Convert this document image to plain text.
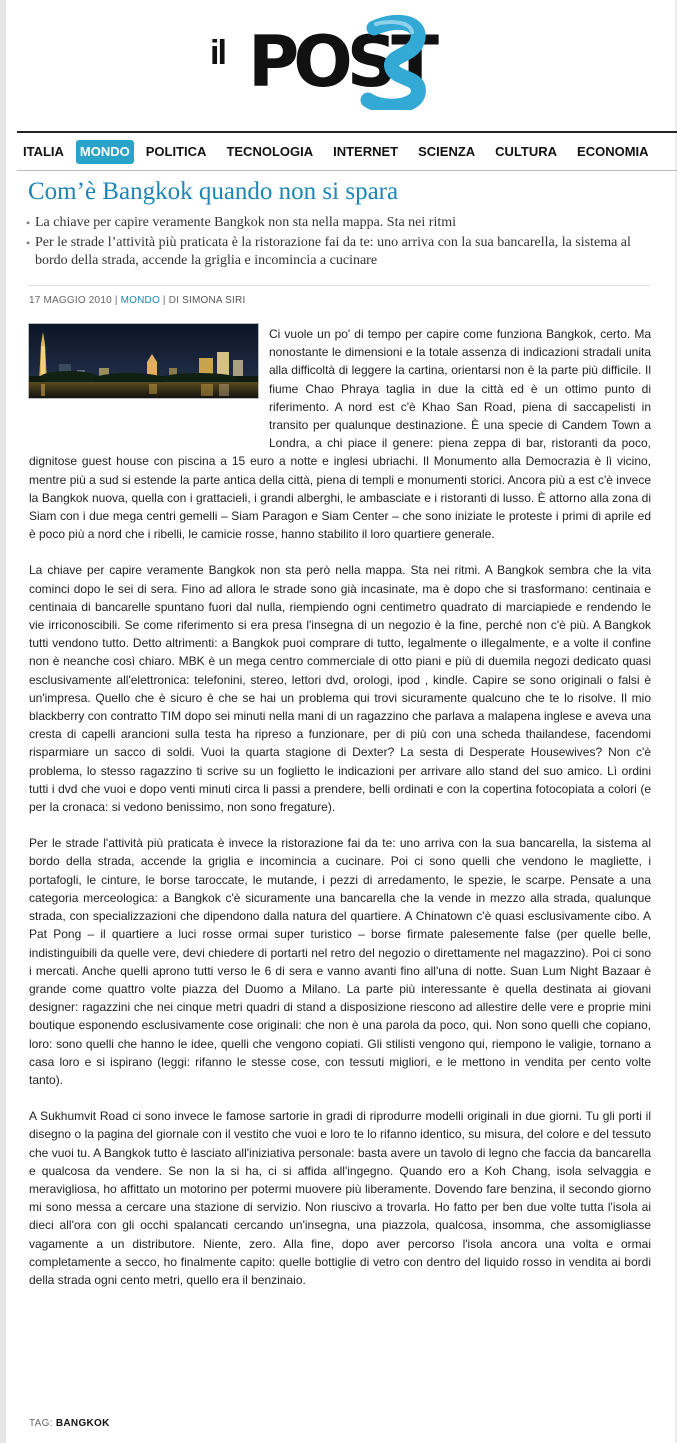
il POST
ITALIA	MONDO	POLITICA	TECNOLOGIA	INTERNET	SCIENZA	CULTURA	ECONOMIA
Com’è Bangkok quando non si spara
• La chiave per capire veramente Bangkok non sta nella mappa. Sta nei ritmi
• Per le strade l’attività più praticata è la ristorazione fai da te: uno arriva con la sua bancarella, la sistema al bordo della strada, accende la griglia e incomincia a cucinare
17 MAGGIO 2010 | MONDO | DI SIMONA SIRI

Ci vuole un po' di tempo per capire come funziona Bangkok, certo. Ma nonostante le dimensioni e la totale assenza di indicazioni stradali unita alla difficoltà di leggere la cartina, orientarsi non è la parte più difficile. Il fiume Chao Phraya taglia in due la città ed è un ottimo punto di riferimento. A nord est c'è Khao San Road, piena di saccapelisti in transito per qualunque destinazione. È una specie di Candem Town a Londra, a chi piace il genere: piena zeppa di bar, ristoranti da poco, dignitose guest house con piscina a 15 euro a notte e inglesi ubriachi. Il Monumento alla Democrazia è lì vicino, mentre più a sud si estende la parte antica della città, piena di templi e monumenti storici. Ancora più a est c'è invece la Bangkok nuova, quella con i grattacieli, i grandi alberghi, le ambasciate e i ristoranti di lusso. È attorno alla zona di Siam con i due mega centri gemelli – Siam Paragon e Siam Center – che sono iniziate le proteste i primi di aprile ed è poco più a nord che i ribelli, le camicie rosse, hanno stabilito il loro quartiere generale.

La chiave per capire veramente Bangkok non sta però nella mappa. Sta nei ritmi. A Bangkok sembra che la vita cominci dopo le sei di sera. Fino ad allora le strade sono già incasinate, ma è dopo che si trasformano: centinaia e centinaia di bancarelle spuntano fuori dal nulla, riempiendo ogni centimetro quadrato di marciapiede e rendendo le vie irriconoscibili. Se come riferimento si era presa l'insegna di un negozio è la fine, perché non c'è più. A Bangkok tutti vendono tutto. Detto altrimenti: a Bangkok puoi comprare di tutto, legalmente o illegalmente, e a volte il confine non è neanche così chiaro. MBK è un mega centro commerciale di otto piani e più di duemila negozi dedicato quasi esclusivamente all'elettronica: telefonini, stereo, lettori dvd, orologi, ipod , kindle. Capire se sono originali o falsi è un'impresa. Quello che è sicuro è che se hai un problema qui trovi sicuramente qualcuno che te lo risolve. Il mio blackberry con contratto TIM dopo sei minuti nella mani di un ragazzino che parlava a malapena inglese e aveva una cresta di capelli arancioni sulla testa ha ripreso a funzionare, per di più con una scheda thailandese, facendomi risparmiare un sacco di soldi. Vuoi la quarta stagione di Dexter? La sesta di Desperate Housewives? Non c'è problema, lo stesso ragazzino ti scrive su un foglietto le indicazioni per arrivare allo stand del suo amico. Lì ordini tutti i dvd che vuoi e dopo venti minuti circa li passi a prendere, belli ordinati e con la copertina fotocopiata a colori (e per la cronaca: si vedono benissimo, non sono fregature).

Per le strade l'attività più praticata è invece la ristorazione fai da te: uno arriva con la sua bancarella, la sistema al bordo della strada, accende la griglia e incomincia a cucinare. Poi ci sono quelli che vendono le magliette, i portafogli, le cinture, le borse taroccate, le mutande, i pezzi di arredamento, le spezie, le scarpe. Pensate a una categoria merceologica: a Bangkok c'è sicuramente una bancarella che la vende in mezzo alla strada, qualunque strada, con specializzazioni che dipendono dalla natura del quartiere. A Chinatown c'è quasi esclusivamente cibo. A Pat Pong – il quartiere a luci rosse ormai super turistico – borse firmate palesemente false (per quelle belle, indistinguibili da quelle vere, devi chiedere di portarti nel retro del negozio o direttamente nel magazzino). Poi ci sono i mercati. Anche quelli aprono tutti verso le 6 di sera e vanno avanti fino all'una di notte. Suan Lum Night Bazaar è grande come quattro volte piazza del Duomo a Milano. La parte più interessante è quella destinata ai giovani designer: ragazzini che nei cinque metri quadri di stand a disposizione riescono ad allestire delle vere e proprie mini boutique esponendo esclusivamente cose originali: che non è una parola da poco, qui. Non sono quelli che copiano, loro: sono quelli che hanno le idee, quelli che vengono copiati. Gli stilisti vengono qui, riempono le valigie, tornano a casa loro e si ispirano (leggi: rifanno le stesse cose, con tessuti migliori, e le mettono in vendita per cento volte tanto).

A Sukhumvit Road ci sono invece le famose sartorie in gradi di riprodurre modelli originali in due giorni. Tu gli porti il disegno o la pagina del giornale con il vestito che vuoi e loro te lo rifanno identico, su misura, del colore e del tessuto che vuoi tu. A Bangkok tutto è lasciato all'iniziativa personale: basta avere un tavolo di legno che faccia da bancarella e qualcosa da vendere. Se non la si ha, ci si affida all'ingegno. Quando ero a Koh Chang, isola selvaggia e meravigliosa, ho affittato un motorino per potermi muovere più liberamente. Dovendo fare benzina, il secondo giorno mi sono messa a cercare una stazione di servizio. Non riuscivo a trovarla. Ho fatto per ben due volte tutta l'isola ai dieci all'ora con gli occhi spalancati cercando un'insegna, una piazzola, qualcosa, insomma, che assomigliasse vagamente a un distributore. Niente, zero. Alla fine, dopo aver percorso l'isola ancora una volta e ormai completamente a secco, ho finalmente capito: quelle bottiglie di vetro con dentro del liquido rosso in vendita ai bordi della strada ogni cento metri, quello era il benzinaio.

TAG: BANGKOK
